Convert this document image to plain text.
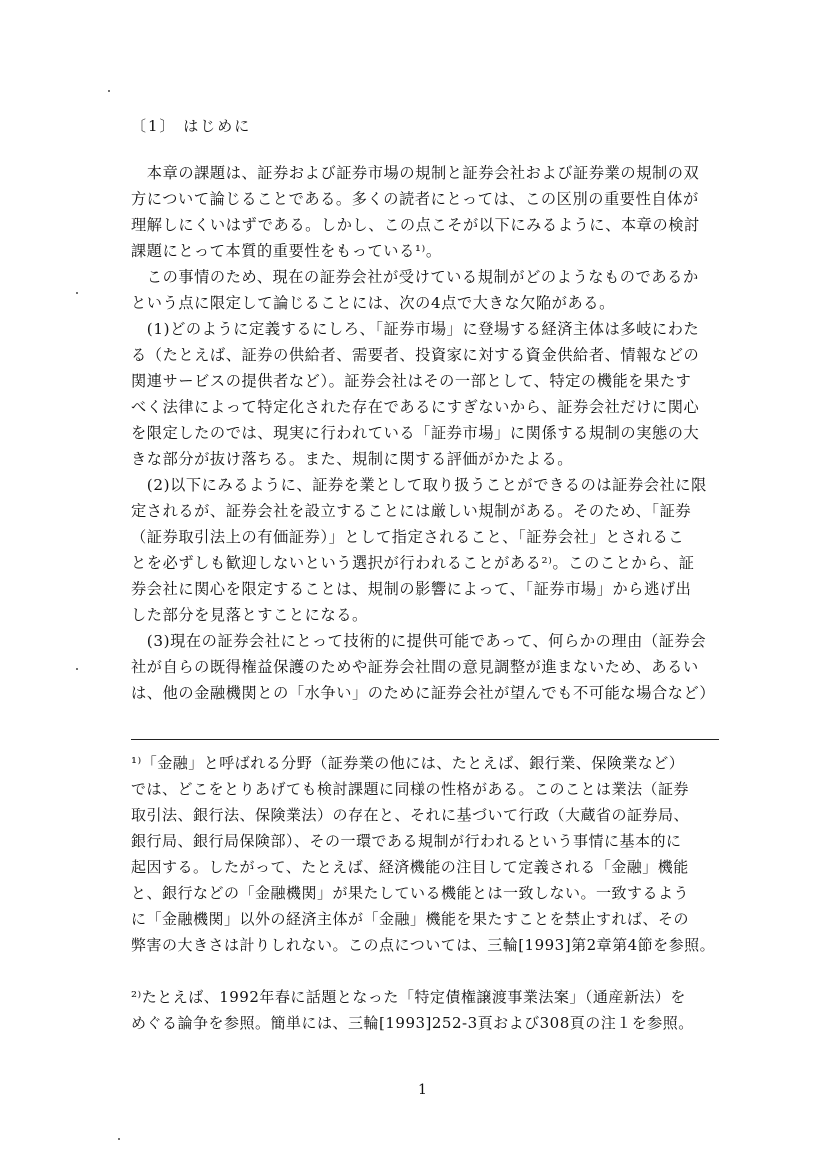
〔1〕 はじめに
　本章の課題は、証券および証券市場の規制と証券会社および証券業の規制の双
方について論じることである。多くの読者にとっては、この区別の重要性自体が
理解しにくいはずである。しかし、この点こそが以下にみるように、本章の検討
課題にとって本質的重要性をもっている¹⁾。
　この事情のため、現在の証券会社が受けている規制がどのようなものであるか
という点に限定して論じることには、次の4点で大きな欠陥がある。
　(1)どのように定義するにしろ、「証券市場」に登場する経済主体は多岐にわた
る（たとえば、証券の供給者、需要者、投資家に対する資金供給者、情報などの
関連サービスの提供者など）。証券会社はその一部として、特定の機能を果たす
べく法律によって特定化された存在であるにすぎないから、証券会社だけに関心
を限定したのでは、現実に行われている「証券市場」に関係する規制の実態の大
きな部分が抜け落ちる。また、規制に関する評価がかたよる。
　(2)以下にみるように、証券を業として取り扱うことができるのは証券会社に限
定されるが、証券会社を設立することには厳しい規制がある。そのため、「証券
（証券取引法上の有価証券）」として指定されること、「証券会社」とされるこ
とを必ずしも歓迎しないという選択が行われることがある²⁾。このことから、証
券会社に関心を限定することは、規制の影響によって、「証券市場」から逃げ出
した部分を見落とすことになる。
　(3)現在の証券会社にとって技術的に提供可能であって、何らかの理由（証券会
社が自らの既得権益保護のためや証券会社間の意見調整が進まないため、あるい
は、他の金融機関との「水争い」のために証券会社が望んでも不可能な場合など）
¹⁾「金融」と呼ばれる分野（証券業の他には、たとえば、銀行業、保険業など）
では、どこをとりあげても検討課題に同様の性格がある。このことは業法（証券
取引法、銀行法、保険業法）の存在と、それに基づいて行政（大蔵省の証券局、
銀行局、銀行局保険部）、その一環である規制が行われるという事情に基本的に
起因する。したがって、たとえば、経済機能の注目して定義される「金融」機能
と、銀行などの「金融機関」が果たしている機能とは一致しない。一致するよう
に「金融機関」以外の経済主体が「金融」機能を果たすことを禁止すれば、その
弊害の大きさは計りしれない。この点については、三輪[1993]第2章第4節を参照。
²⁾たとえば、1992年春に話題となった「特定債権譲渡事業法案」（通産新法）を
めぐる論争を参照。簡単には、三輪[1993]252-3頁および308頁の注１を参照。
1
